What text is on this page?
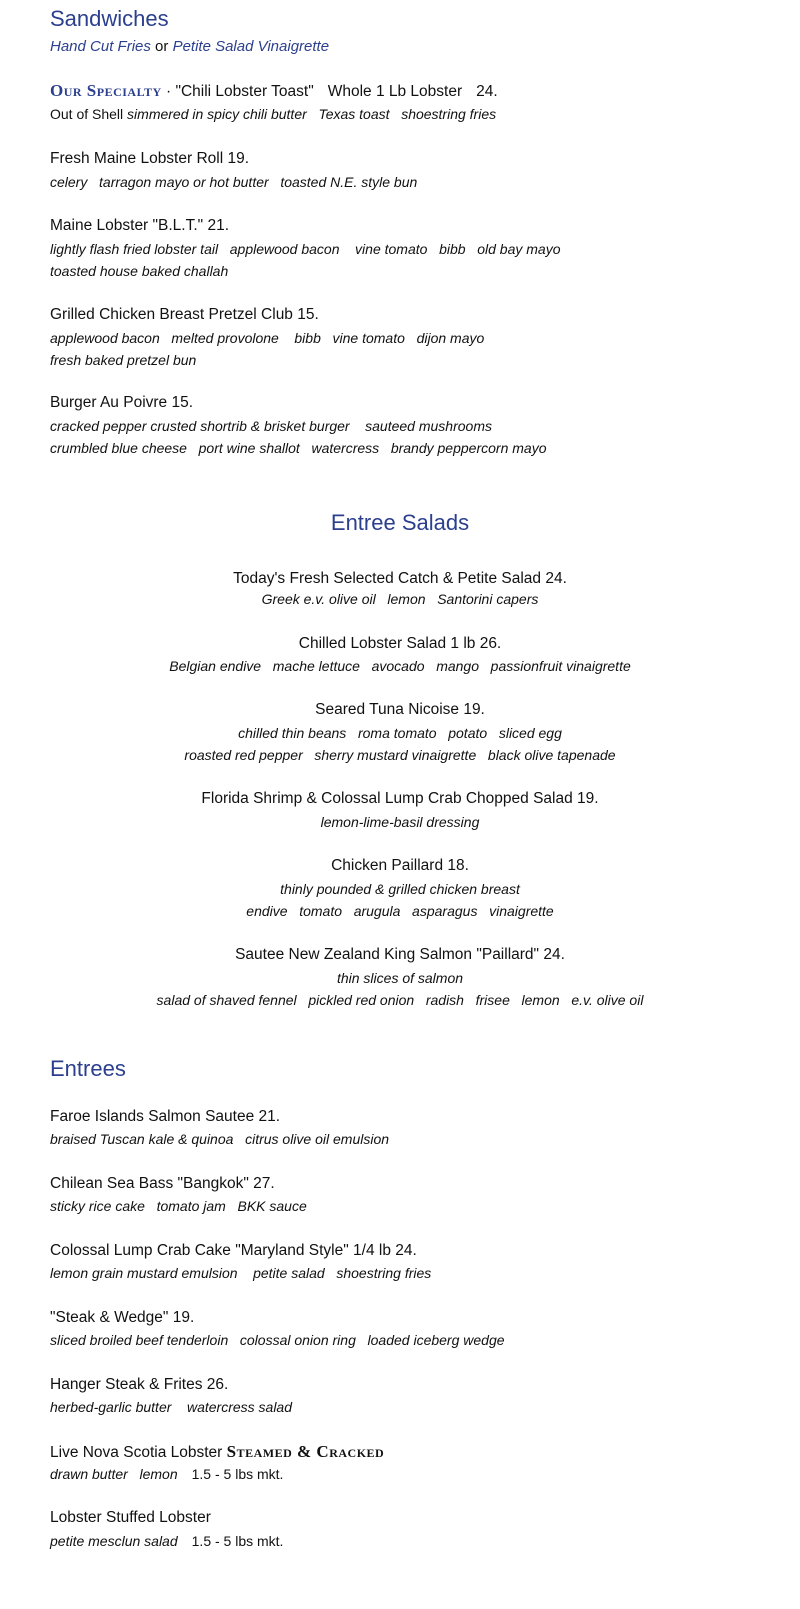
Sandwiches
Hand Cut Fries or Petite Salad Vinaigrette
Our Specialty · "Chili Lobster Toast" Whole 1 Lb Lobster 24.
Out of Shell simmered in spicy chili butter   Texas toast   shoestring fries
Fresh Maine Lobster Roll 19.
celery   tarragon mayo or hot butter   toasted N.E. style bun
Maine Lobster "B.L.T." 21.
lightly flash fried lobster tail   applewood bacon    vine tomato   bibb   old bay mayo
toasted house baked challah
Grilled Chicken Breast Pretzel Club 15.
applewood bacon   melted provolone    bibb   vine tomato   dijon mayo
fresh baked pretzel bun
Burger Au Poivre 15.
cracked pepper crusted shortrib & brisket burger    sauteed mushrooms
crumbled blue cheese   port wine shallot   watercress   brandy peppercorn mayo
Entree Salads
Today's Fresh Selected Catch & Petite Salad 24.
Greek e.v. olive oil   lemon   Santorini capers
Chilled Lobster Salad 1 lb 26.
Belgian endive   mache lettuce   avocado   mango   passionfruit vinaigrette
Seared Tuna Nicoise 19.
chilled thin beans   roma tomato   potato   sliced egg
roasted red pepper   sherry mustard vinaigrette   black olive tapenade
Florida Shrimp & Colossal Lump Crab Chopped Salad 19.
lemon-lime-basil dressing
Chicken Paillard 18.
thinly pounded & grilled chicken breast
endive   tomato   arugula   asparagus   vinaigrette
Sautee New Zealand King Salmon "Paillard" 24.
thin slices of salmon
salad of shaved fennel   pickled red onion   radish   frisee   lemon   e.v. olive oil
Entrees
Faroe Islands Salmon Sautee 21.
braised Tuscan kale & quinoa   citrus olive oil emulsion
Chilean Sea Bass "Bangkok" 27.
sticky rice cake   tomato jam   BKK sauce
Colossal Lump Crab Cake "Maryland Style" 1/4 lb 24.
lemon grain mustard emulsion    petite salad   shoestring fries
"Steak & Wedge" 19.
sliced broiled beef tenderloin   colossal onion ring   loaded iceberg wedge
Hanger Steak & Frites 26.
herbed-garlic butter    watercress salad
Live Nova Scotia Lobster Steamed & Cracked
drawn butter   lemon 1.5 - 5 lbs mkt.
Lobster Stuffed Lobster
petite mesclun salad 1.5 - 5 lbs mkt.
